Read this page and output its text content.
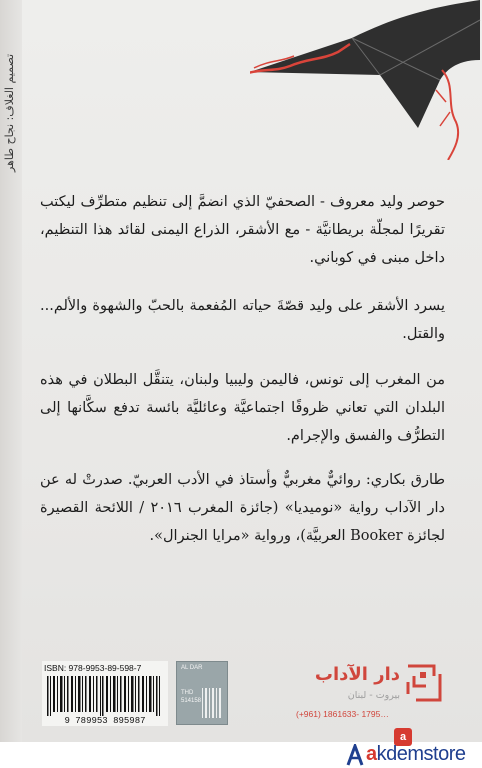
تصميم الغلاف: نجاح طاهر
حوصر وليد معروف - الصحفيّ الذي انضمَّ إلى تنظيم متطرِّف ليكتب تقريرًا لمجلّة بريطانيَّة - مع الأشقر، الذراع اليمنى لقائد هذا التنظيم، داخل مبنى في كوباني.
يسرد الأشقر على وليد قصّةَ حياته المُفعمة بالحبّ والشهوة والألم... والقتل.
من المغرب إلى تونس، فاليمن وليبيا ولبنان، يتنقَّل البطلان في هذه البلدان التي تعاني ظروفًا اجتماعيَّة وعائليَّة بائسة تدفع سكَّانها إلى التطرُّف والفسق والإجرام.
طارق بكاري: روائيٌّ مغربيٌّ وأستاذ في الأدب العربيّ. صدرتْ له عن دار الآداب رواية «نوميديا» (جائزة المغرب ٢٠١٦ / اللائحة القصيرة لجائزة Booker العربيَّة)، ورواية «مرايا الجنرال».
ISBN: 978-9953-89-598-7
9 789953 895987
AL DAR
THD
514158
دار الآداب
بيروت - لبنان
(+961) 1861633- 1795…
a
akdemstore
